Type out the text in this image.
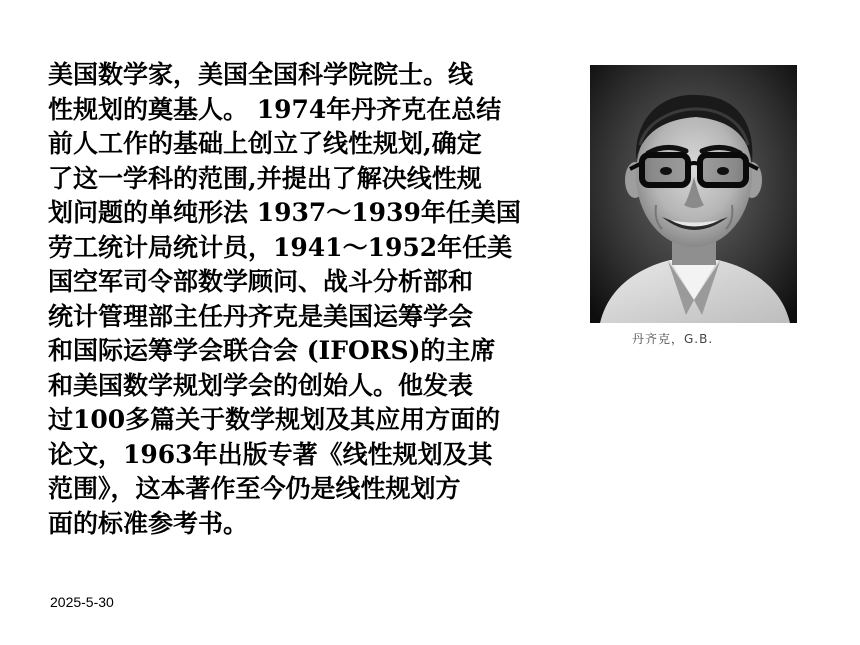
美国数学家，美国全国科学院院士。线
性规划的奠基人。 1974年丹齐克在总结
前人工作的基础上创立了线性规划,确定
了这一学科的范围,并提出了解决线性规
划问题的单纯形法 1937～1939年任美国
劳工统计局统计员，1941～1952年任美
国空军司令部数学顾问、战斗分析部和
统计管理部主任丹齐克是美国运筹学会
和国际运筹学会联合会 (IFORS)的主席
和美国数学规划学会的创始人。他发表
过100多篇关于数学规划及其应用方面的
论文，1963年出版专著《线性规划及其
范围》，这本著作至今仍是线性规划方
面的标准参考书。
丹齐克，G.B.
2025-5-30
